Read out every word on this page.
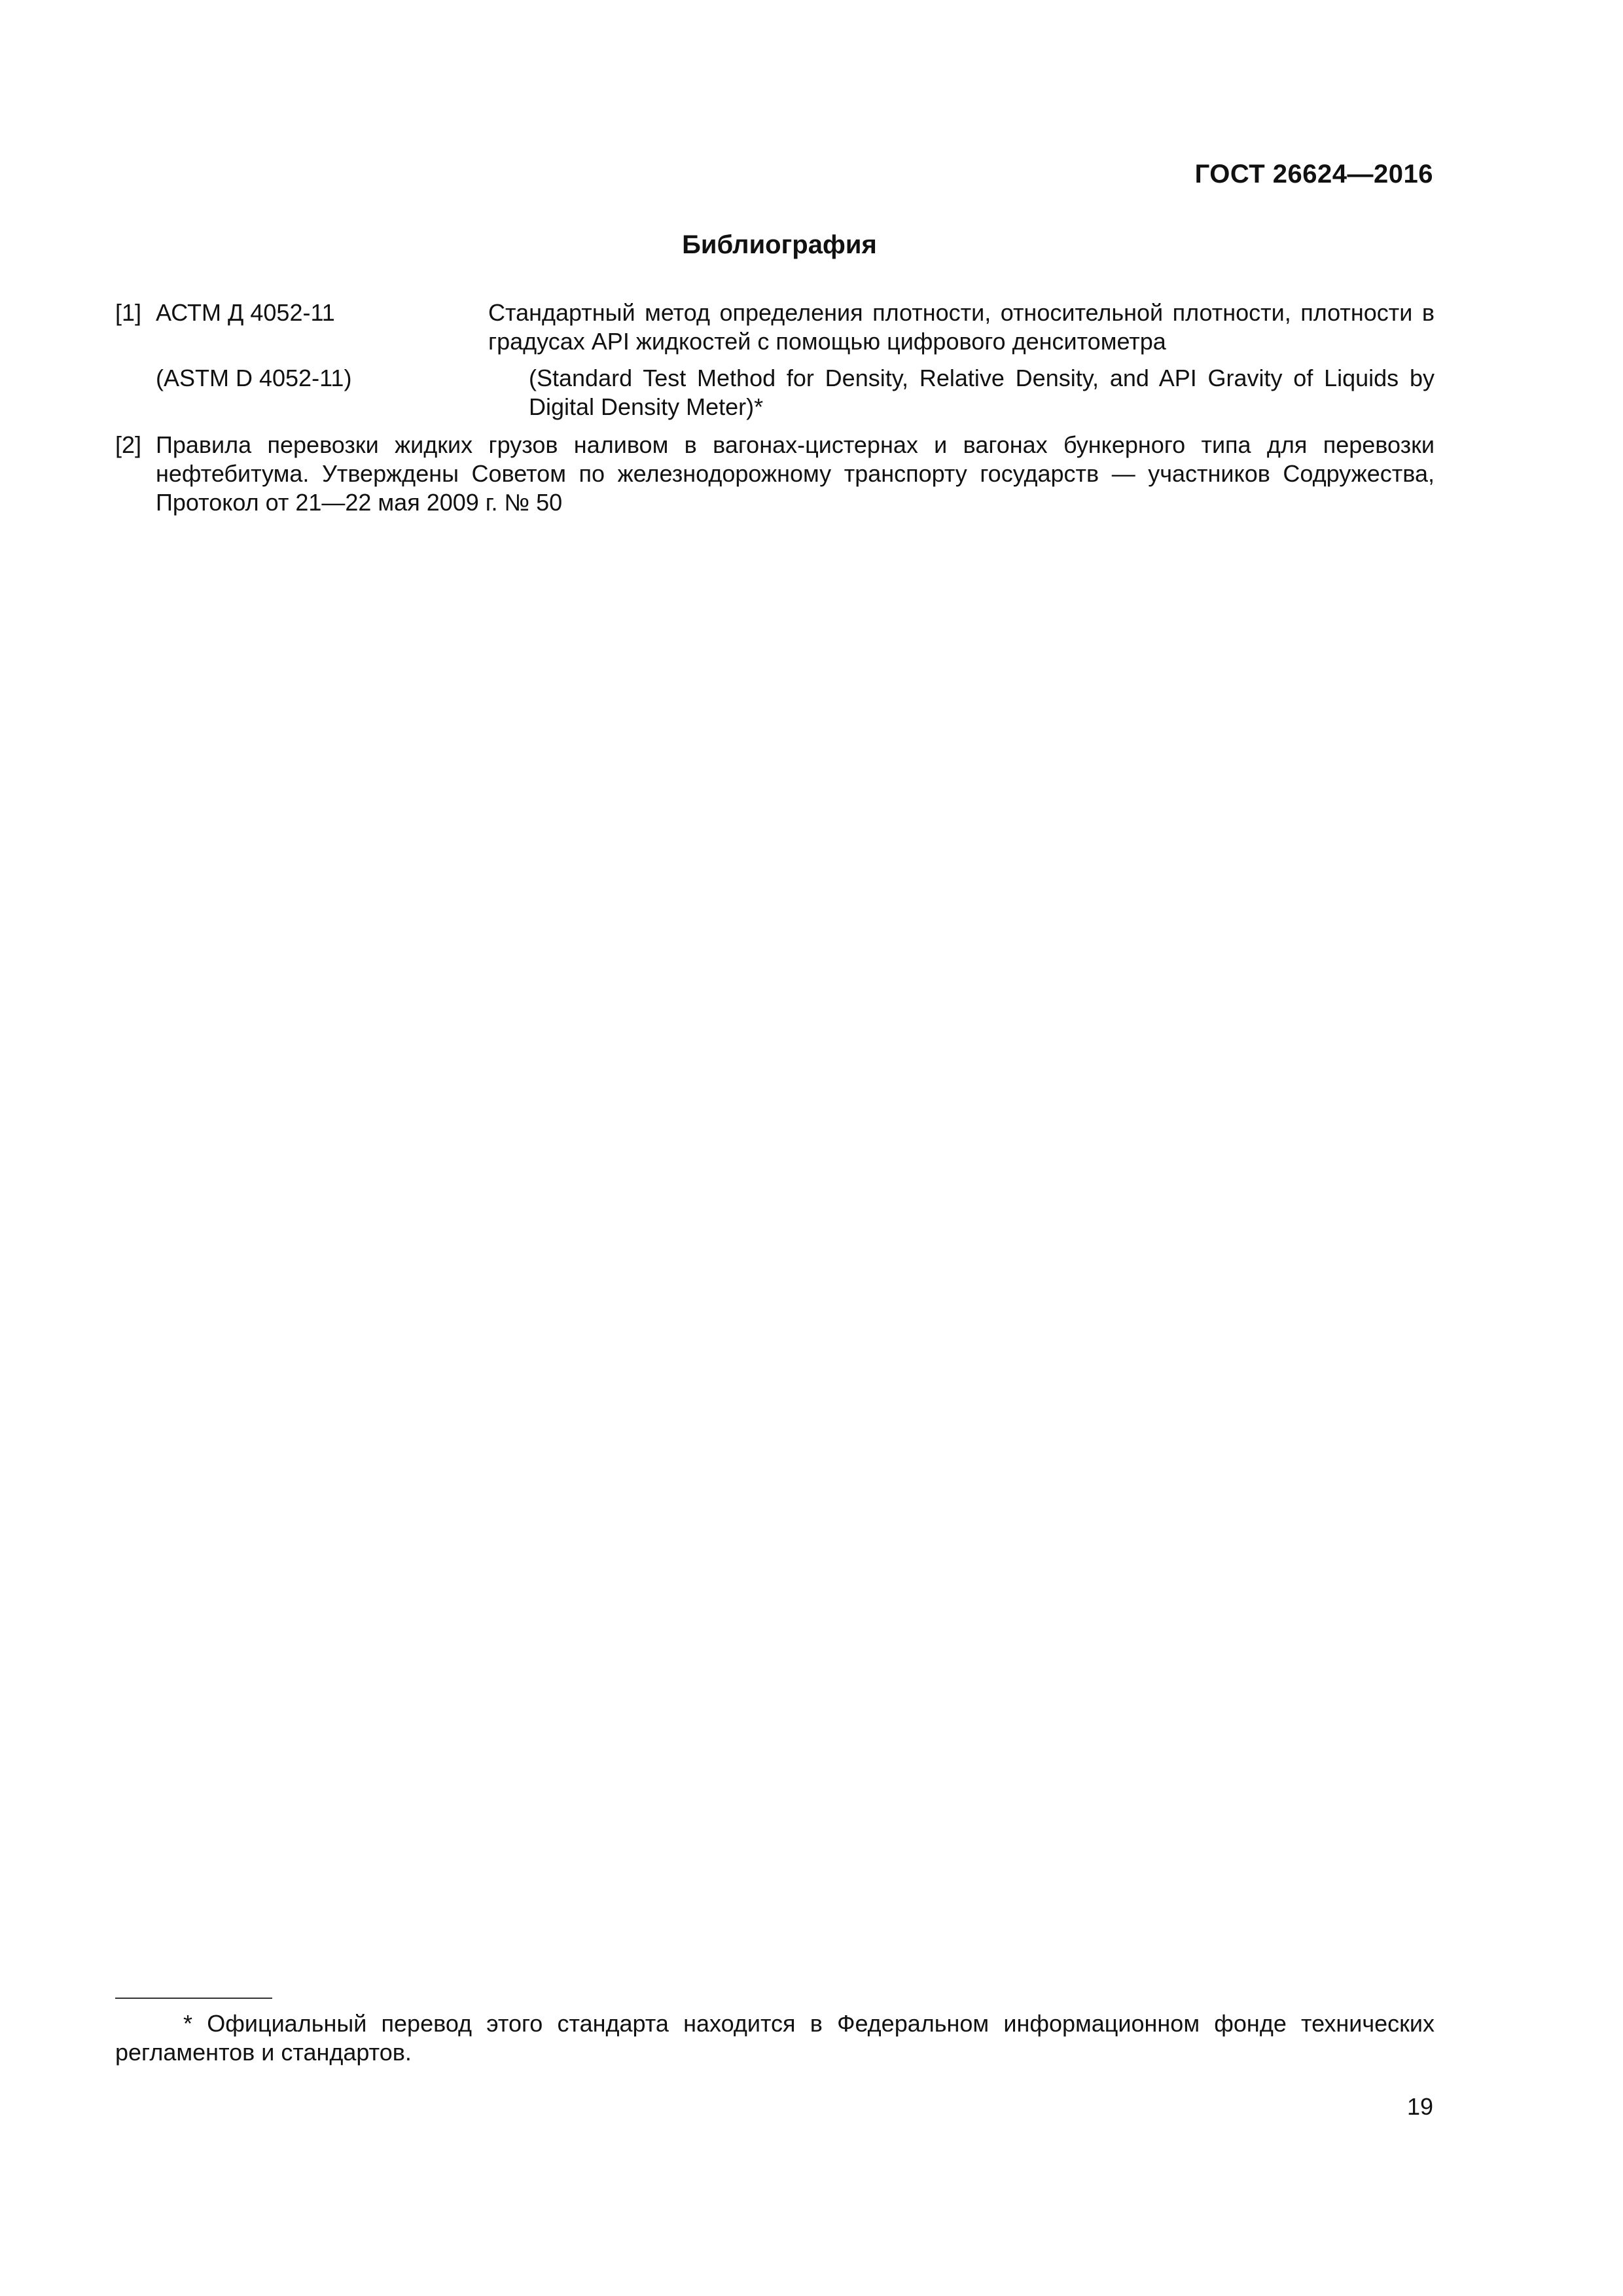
ГОСТ 26624—2016
Библиография
[1] АСТМ Д 4052-11	Стандартный метод определения плотности, относительной плотности, плотности в градусах API жидкостей с помощью цифрового денситометра
(ASTM D 4052-11)	(Standard Test Method for Density, Relative Density, and API Gravity of Liquids by Digital Density Meter)*
[2] Правила перевозки жидких грузов наливом в вагонах-цистернах и вагонах бункерного типа для перевозки нефтебитума. Утверждены Советом по железнодорожному транспорту государств — участников Содружества, Протокол от 21—22 мая 2009 г. № 50
* Официальный перевод этого стандарта находится в Федеральном информационном фонде технических регламентов и стандартов.
19
